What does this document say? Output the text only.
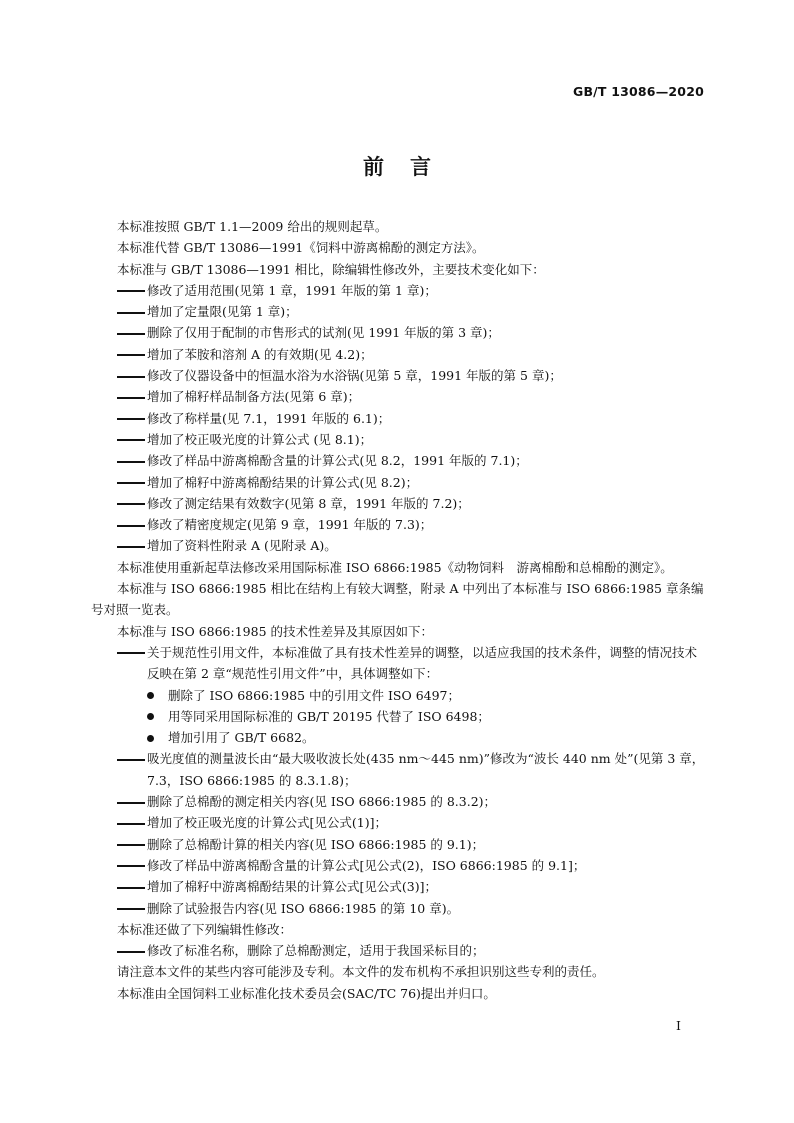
GB/T 13086—2020
前言

本标准按照 GB/T 1.1—2009 给出的规则起草。

本标准代替 GB/T 13086—1991《饲料中游离棉酚的测定方法》。

本标准与 GB/T 13086—1991 相比，除编辑性修改外，主要技术变化如下：

修改了适用范围(见第 1 章，1991 年版的第 1 章)；

增加了定量限(见第 1 章)；

删除了仅用于配制的市售形式的试剂(见 1991 年版的第 3 章)；

增加了苯胺和溶剂 A 的有效期(见 4.2)；

修改了仪器设备中的恒温水浴为水浴锅(见第 5 章，1991 年版的第 5 章)；

增加了棉籽样品制备方法(见第 6 章)；

修改了称样量(见 7.1，1991 年版的 6.1)；

增加了校正吸光度的计算公式 (见 8.1)；

修改了样品中游离棉酚含量的计算公式(见 8.2，1991 年版的 7.1)；

增加了棉籽中游离棉酚结果的计算公式(见 8.2)；

修改了测定结果有效数字(见第 8 章，1991 年版的 7.2)；

修改了精密度规定(见第 9 章，1991 年版的 7.3)；

增加了资料性附录 A (见附录 A)。

本标准使用重新起草法修改采用国际标准 ISO 6866:1985《动物饲料　游离棉酚和总棉酚的测定》。

本标准与 ISO 6866:1985 相比在结构上有较大调整，附录 A 中列出了本标准与 ISO 6866:1985 章条编号对照一览表。

本标准与 ISO 6866:1985 的技术性差异及其原因如下：

关于规范性引用文件，本标准做了具有技术性差异的调整，以适应我国的技术条件，调整的情况技术反映在第 2 章“规范性引用文件”中，具体调整如下：

删除了 ISO 6866:1985 中的引用文件 ISO 6497；

用等同采用国际标准的 GB/T 20195 代替了 ISO 6498；

增加引用了 GB/T 6682。

吸光度值的测量波长由“最大吸收波长处(435 nm～445 nm)”修改为“波长 440 nm 处”(见第 3 章，7.3，ISO 6866:1985 的 8.3.1.8)；

删除了总棉酚的测定相关内容(见 ISO 6866:1985 的 8.3.2)；

增加了校正吸光度的计算公式[见公式(1)]；

删除了总棉酚计算的相关内容(见 ISO 6866:1985 的 9.1)；

修改了样品中游离棉酚含量的计算公式[见公式(2)，ISO 6866:1985 的 9.1]；

增加了棉籽中游离棉酚结果的计算公式[见公式(3)]；

删除了试验报告内容(见 ISO 6866:1985 的第 10 章)。

本标准还做了下列编辑性修改：

修改了标准名称，删除了总棉酚测定，适用于我国采标目的；

请注意本文件的某些内容可能涉及专利。本文件的发布机构不承担识别这些专利的责任。

本标准由全国饲料工业标准化技术委员会(SAC/TC 76)提出并归口。

I
